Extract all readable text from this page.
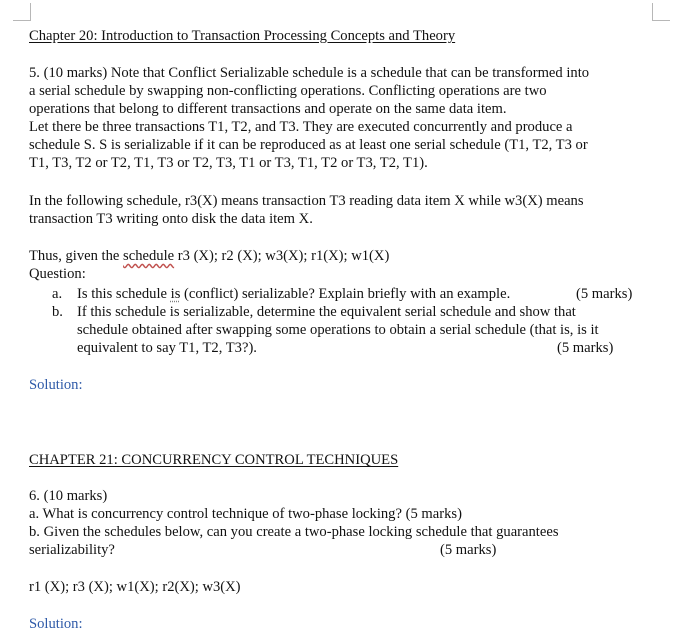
Chapter 20: Introduction to Transaction Processing Concepts and Theory
5. (10 marks) Note that Conflict Serializable schedule is a schedule that can be transformed into
a serial schedule by swapping non-conflicting operations. Conflicting operations are two
operations that belong to different transactions and operate on the same data item.
Let there be three transactions T1, T2, and T3. They are executed concurrently and produce a
schedule S. S is serializable if it can be reproduced as at least one serial schedule (T1, T2, T3 or
T1, T3, T2 or T2, T1, T3 or T2, T3, T1 or T3, T1, T2 or T3, T2, T1).
In the following schedule, r3(X) means transaction T3 reading data item X while w3(X) means
transaction T3 writing onto disk the data item X.
Thus, given the schedule r3 (X); r2 (X); w3(X); r1(X); w1(X)
Question:
a. Is this schedule is (conflict) serializable? Explain briefly with an example.	(5 marks)
b. If this schedule is serializable, determine the equivalent serial schedule and show that
schedule obtained after swapping some operations to obtain a serial schedule (that is, is it
equivalent to say T1, T2, T3?).	(5 marks)
Solution:
CHAPTER 21: CONCURRENCY CONTROL TECHNIQUES
6. (10 marks)
a. What is concurrency control technique of two-phase locking? (5 marks)
b. Given the schedules below, can you create a two-phase locking schedule that guarantees
serializability?	(5 marks)
r1 (X); r3 (X); w1(X); r2(X); w3(X)
Solution:
